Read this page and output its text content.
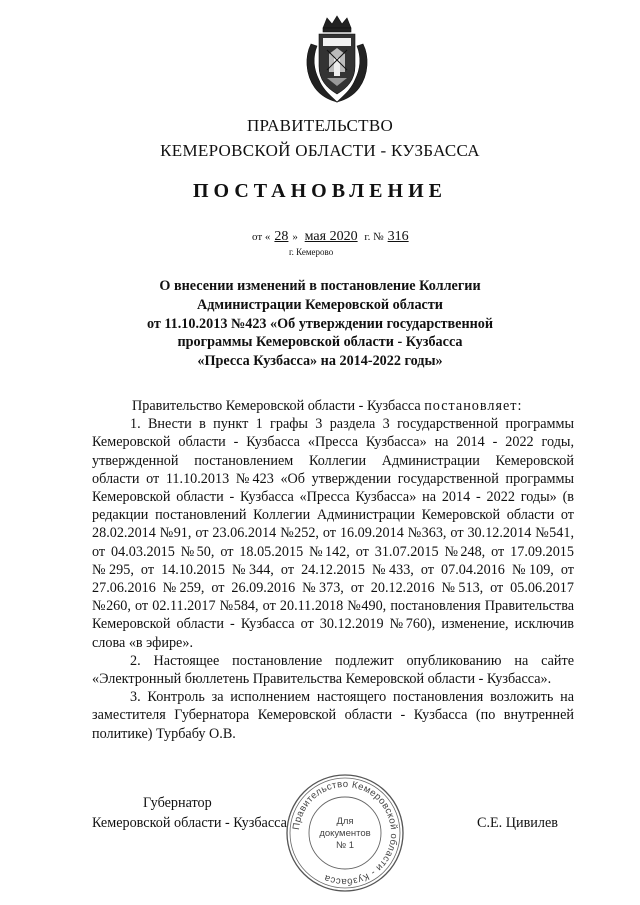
ПРАВИТЕЛЬСТВО
КЕМЕРОВСКОЙ ОБЛАСТИ - КУЗБАССА
ПОСТАНОВЛЕНИЕ
от « 28 » мая 2020 г. № 316
г. Кемерово
О внесении изменений в постановление Коллегии
Администрации Кемеровской области
от 11.10.2013 №423 «Об утверждении государственной
программы Кемеровской области - Кузбасса
«Пресса Кузбасса» на 2014-2022 годы»

Правительство Кемеровской области - Кузбасса постановляет:

1. Внести в пункт 1 графы 3 раздела 3 государственной программы Кемеровской области - Кузбасса «Пресса Кузбасса» на 2014 - 2022 годы, утвержденной постановлением Коллегии Администрации Кемеровской области от 11.10.2013 №423 «Об утверждении государственной программы Кемеровской области - Кузбасса «Пресса Кузбасса» на 2014 - 2022 годы» (в редакции постановлений Коллегии Администрации Кемеровской области от 28.02.2014 №91, от 23.06.2014 №252, от 16.09.2014 №363, от 30.12.2014 №541, от 04.03.2015 №50, от 18.05.2015 №142, от 31.07.2015 №248, от 17.09.2015 №295, от 14.10.2015 №344, от 24.12.2015 №433, от 07.04.2016 №109, от 27.06.2016 №259, от 26.09.2016 №373, от 20.12.2016 №513, от 05.06.2017 №260, от 02.11.2017 №584, от 20.11.2018 №490, постановления Правительства Кемеровской области - Кузбасса от 30.12.2019 №760), изменение, исключив слова «в эфире».

2. Настоящее постановление подлежит опубликованию на сайте «Электронный бюллетень Правительства Кемеровской области - Кузбасса».

3. Контроль за исполнением настоящего постановления возложить на заместителя Губернатора Кемеровской области - Кузбасса (по внутренней политике) Турбабу О.В.

Губернатор
Кемеровской области - Кузбасса	С.Е. Цивилев
Правительство Кемеровской области - Кузбасса
Для
документов
№ 1
